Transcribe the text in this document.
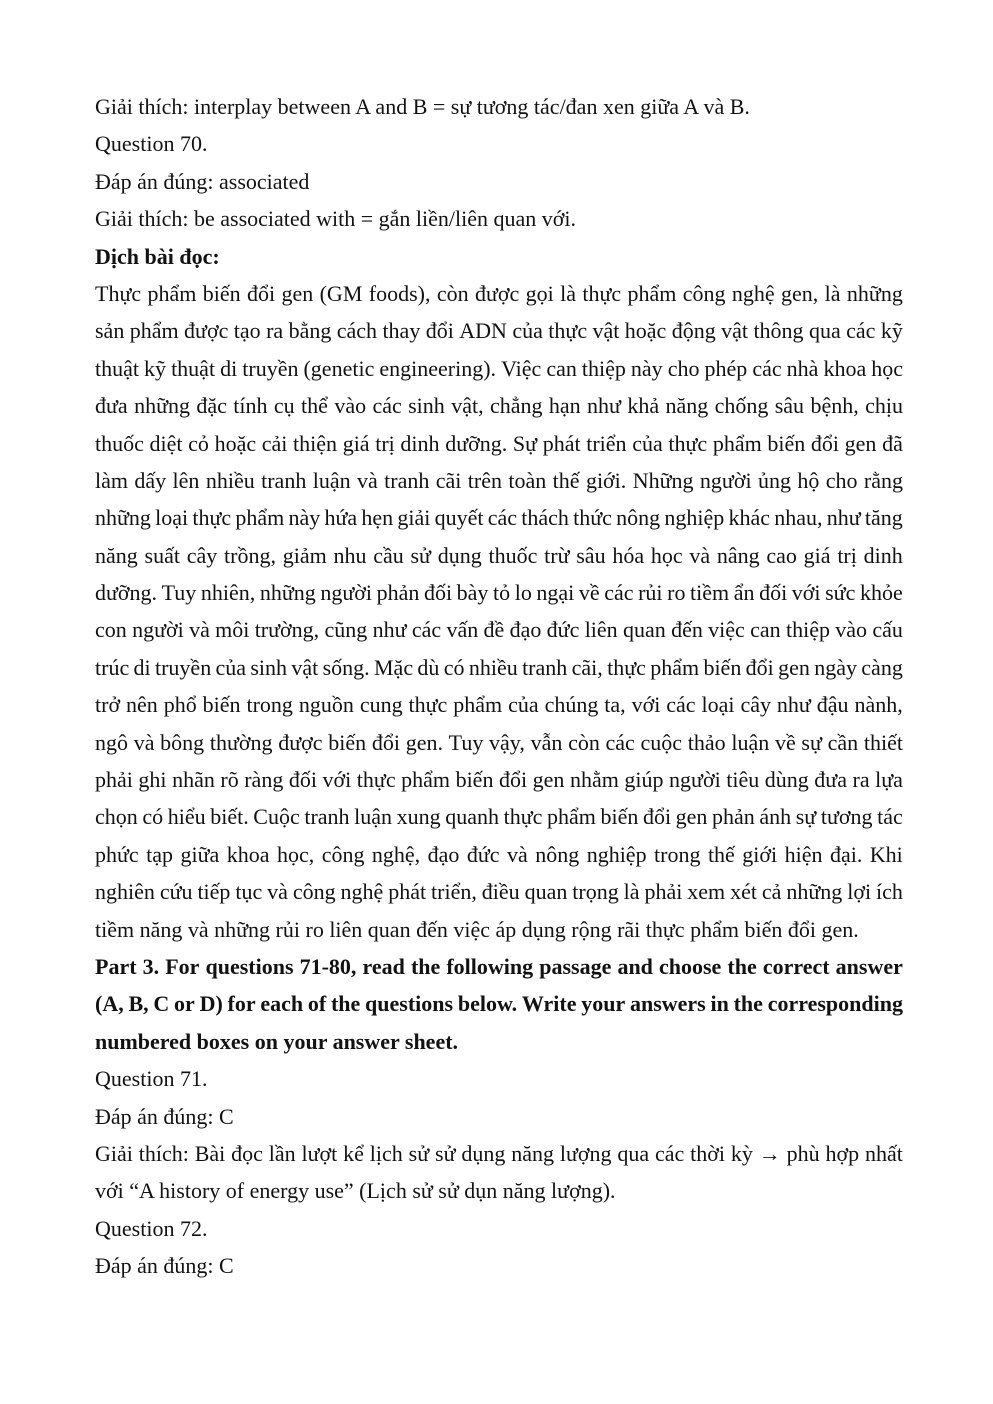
Giải thích: interplay between A and B = sự tương tác/đan xen giữa A và B.
Question 70.
Đáp án đúng: associated
Giải thích: be associated with = gắn liền/liên quan với.
Dịch bài đọc:
Thực phẩm biến đổi gen (GM foods), còn được gọi là thực phẩm công nghệ gen, là những
sản phẩm được tạo ra bằng cách thay đổi ADN của thực vật hoặc động vật thông qua các kỹ
thuật kỹ thuật di truyền (genetic engineering). Việc can thiệp này cho phép các nhà khoa học
đưa những đặc tính cụ thể vào các sinh vật, chẳng hạn như khả năng chống sâu bệnh, chịu
thuốc diệt cỏ hoặc cải thiện giá trị dinh dưỡng. Sự phát triển của thực phẩm biến đổi gen đã
làm dấy lên nhiều tranh luận và tranh cãi trên toàn thế giới. Những người ủng hộ cho rằng
những loại thực phẩm này hứa hẹn giải quyết các thách thức nông nghiệp khác nhau, như tăng
năng suất cây trồng, giảm nhu cầu sử dụng thuốc trừ sâu hóa học và nâng cao giá trị dinh
dưỡng. Tuy nhiên, những người phản đối bày tỏ lo ngại về các rủi ro tiềm ẩn đối với sức khỏe
con người và môi trường, cũng như các vấn đề đạo đức liên quan đến việc can thiệp vào cấu
trúc di truyền của sinh vật sống. Mặc dù có nhiều tranh cãi, thực phẩm biến đổi gen ngày càng
trở nên phổ biến trong nguồn cung thực phẩm của chúng ta, với các loại cây như đậu nành,
ngô và bông thường được biến đổi gen. Tuy vậy, vẫn còn các cuộc thảo luận về sự cần thiết
phải ghi nhãn rõ ràng đối với thực phẩm biến đổi gen nhằm giúp người tiêu dùng đưa ra lựa
chọn có hiểu biết. Cuộc tranh luận xung quanh thực phẩm biến đổi gen phản ánh sự tương tác
phức tạp giữa khoa học, công nghệ, đạo đức và nông nghiệp trong thế giới hiện đại. Khi
nghiên cứu tiếp tục và công nghệ phát triển, điều quan trọng là phải xem xét cả những lợi ích
tiềm năng và những rủi ro liên quan đến việc áp dụng rộng rãi thực phẩm biến đổi gen.
Part 3. For questions 71-80, read the following passage and choose the correct answer
(A, B, C or D) for each of the questions below. Write your answers in the corresponding
numbered boxes on your answer sheet.
Question 71.
Đáp án đúng: C
Giải thích: Bài đọc lần lượt kể lịch sử sử dụng năng lượng qua các thời kỳ → phù hợp nhất
với “A history of energy use” (Lịch sử sử dụn năng lượng).
Question 72.
Đáp án đúng: C
